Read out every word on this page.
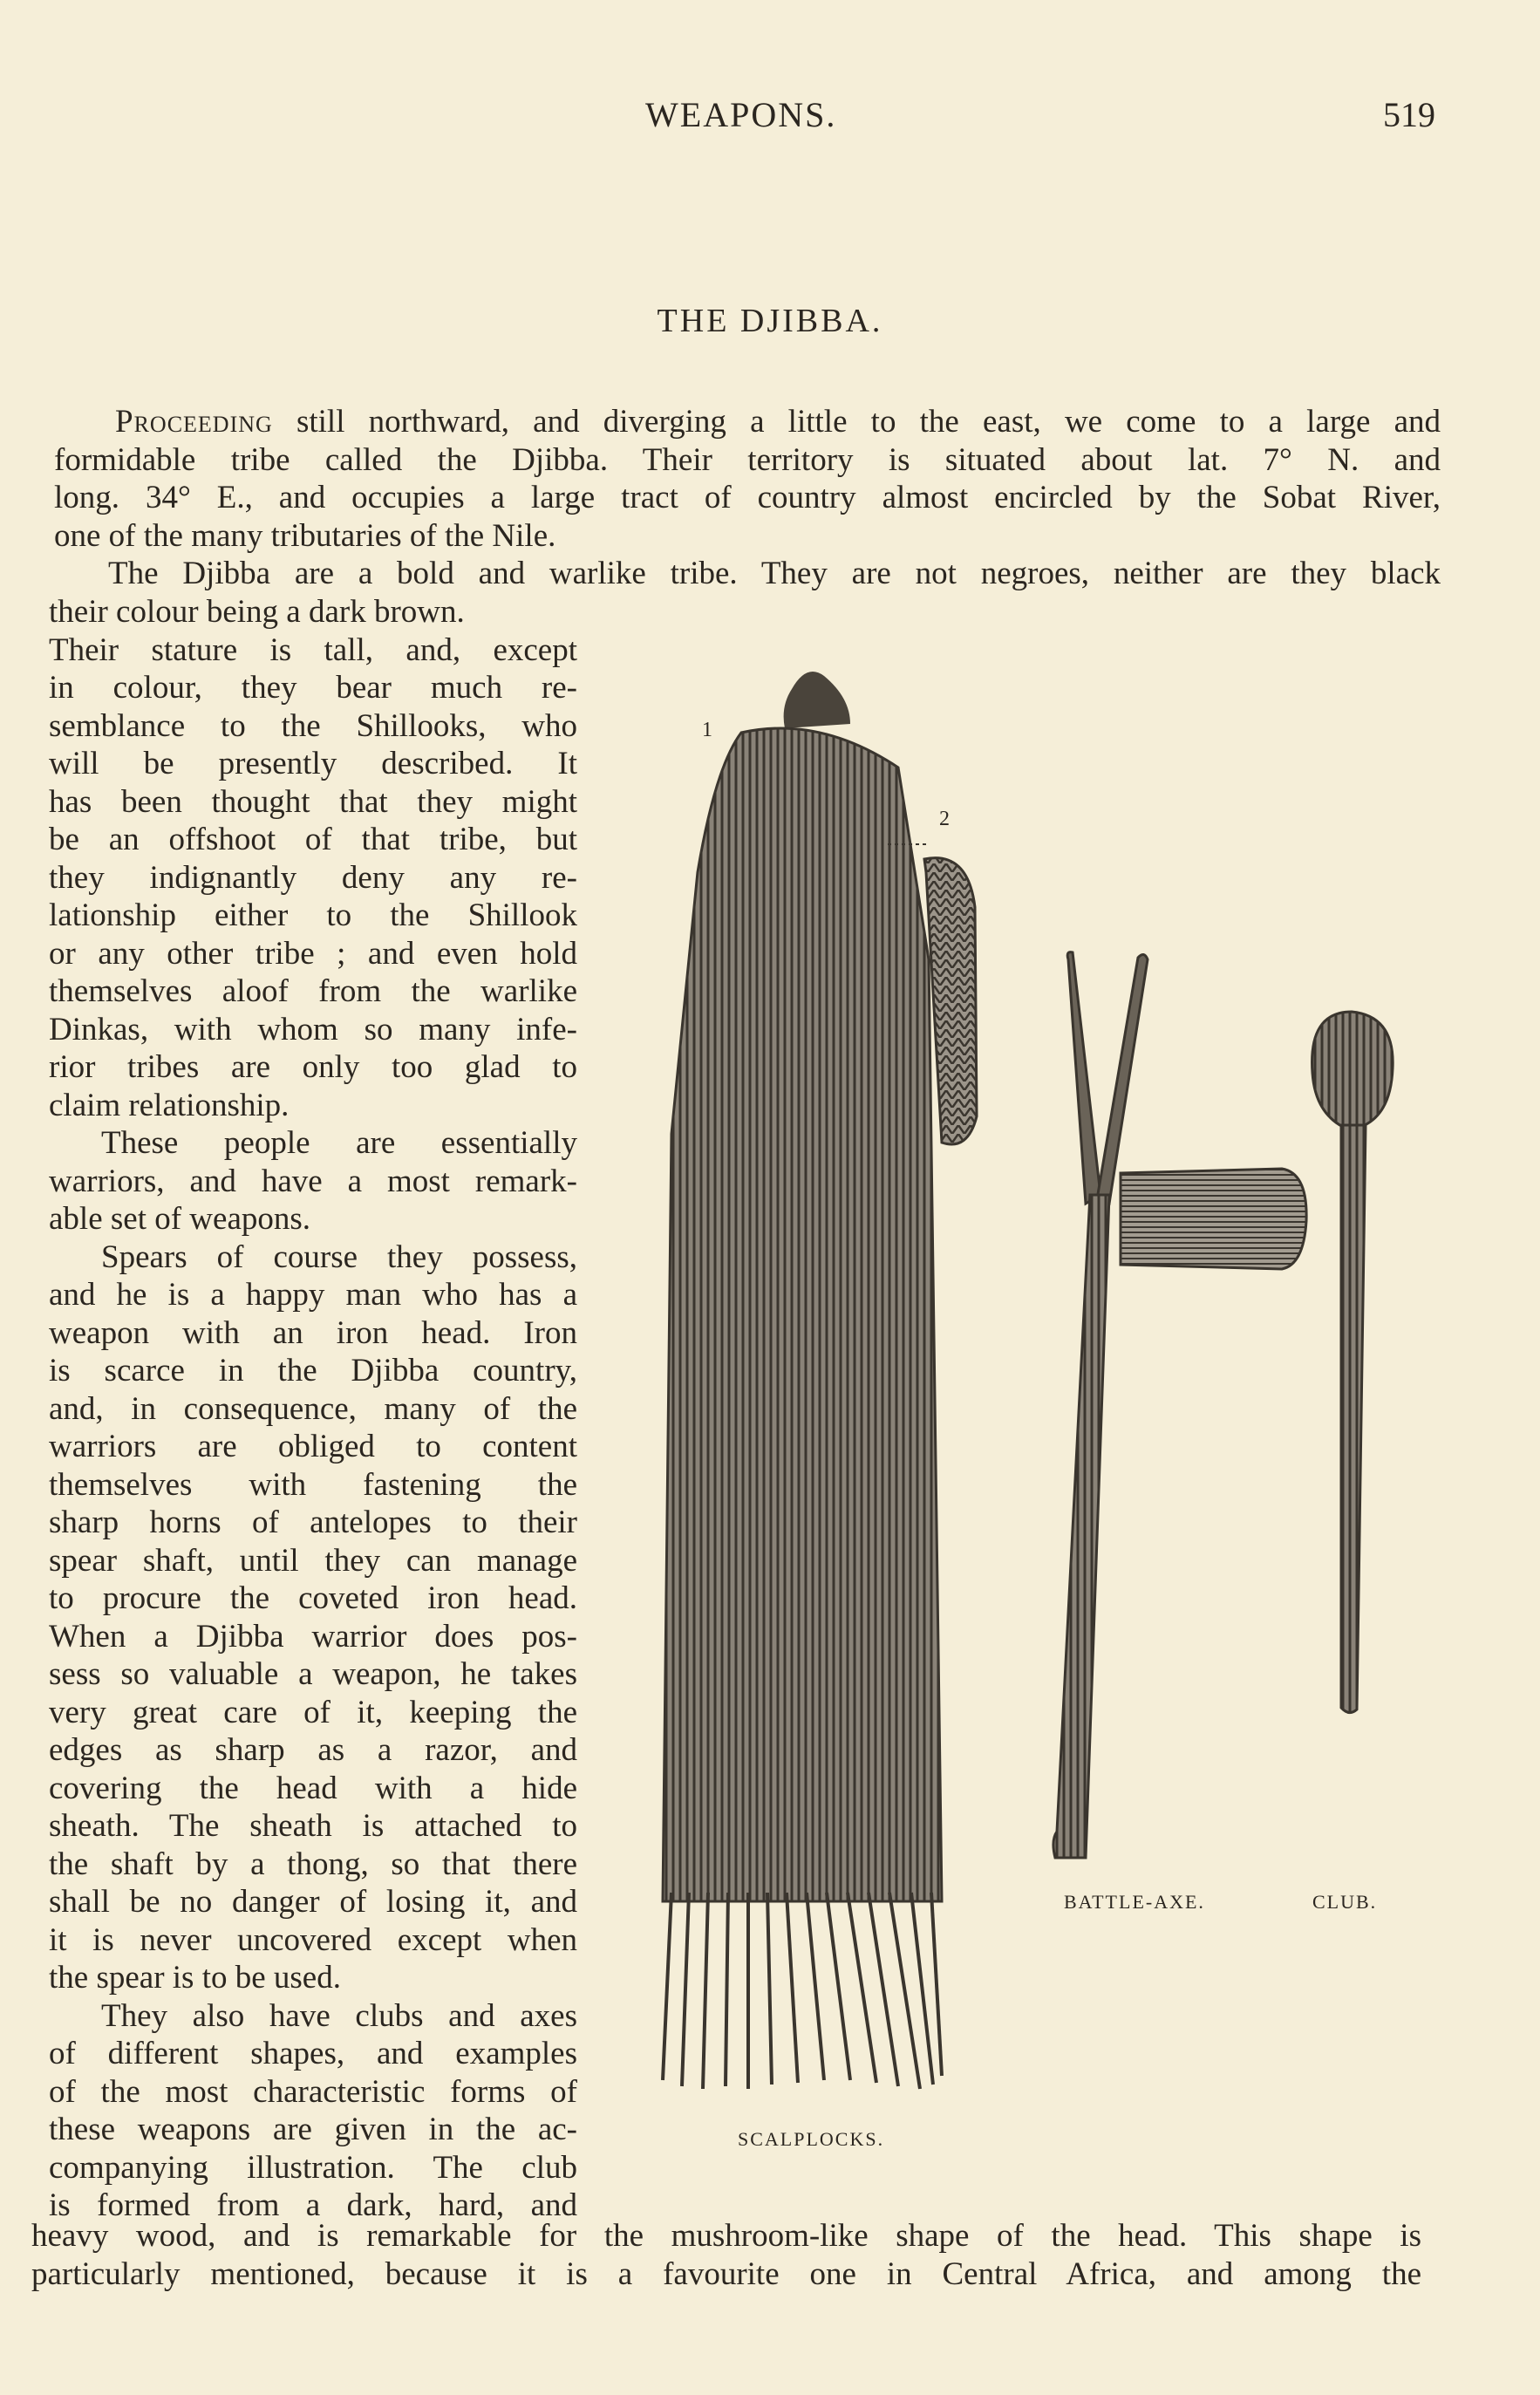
WEAPONS.	519
THE DJIBBA.
Proceeding still northward, and diverging a little to the east, we come to a large and
formidable tribe called the Djibba. Their territory is situated about lat. 7° N. and
long. 34° E., and occupies a large tract of country almost encircled by the Sobat River,
one of the many tributaries of the Nile.
The Djibba are a bold and warlike tribe. They are not negroes, neither are they black
their colour being a dark brown.
Their stature is tall, and, except
in colour, they bear much re-
semblance to the Shillooks, who
will be presently described. It
has been thought that they might
be an offshoot of that tribe, but
they indignantly deny any re-
lationship either to the Shillook
or any other tribe ; and even hold
themselves aloof from the warlike
Dinkas, with whom so many infe-
rior tribes are only too glad to
claim relationship.
These people are essentially
warriors, and have a most remark-
able set of weapons.
Spears of course they possess,
and he is a happy man who has a
weapon with an iron head. Iron
is scarce in the Djibba country,
and, in consequence, many of the
warriors are obliged to content
themselves with fastening the
sharp horns of antelopes to their
spear shaft, until they can manage
to procure the coveted iron head.
When a Djibba warrior does pos-
sess so valuable a weapon, he takes
very great care of it, keeping the
edges as sharp as a razor, and
covering the head with a hide
sheath. The sheath is attached to
the shaft by a thong, so that there
shall be no danger of losing it, and
it is never uncovered except when
the spear is to be used.
They also have clubs and axes
of different shapes, and examples
of the most characteristic forms of
these weapons are given in the ac-
companying illustration. The club
is formed from a dark, hard, and
heavy wood, and is remarkable for the mushroom-like shape of the head. This shape is
particularly mentioned, because it is a favourite one in Central Africa, and among the
1
2
SCALPLOCKS.
BATTLE-AXE.	CLUB.
